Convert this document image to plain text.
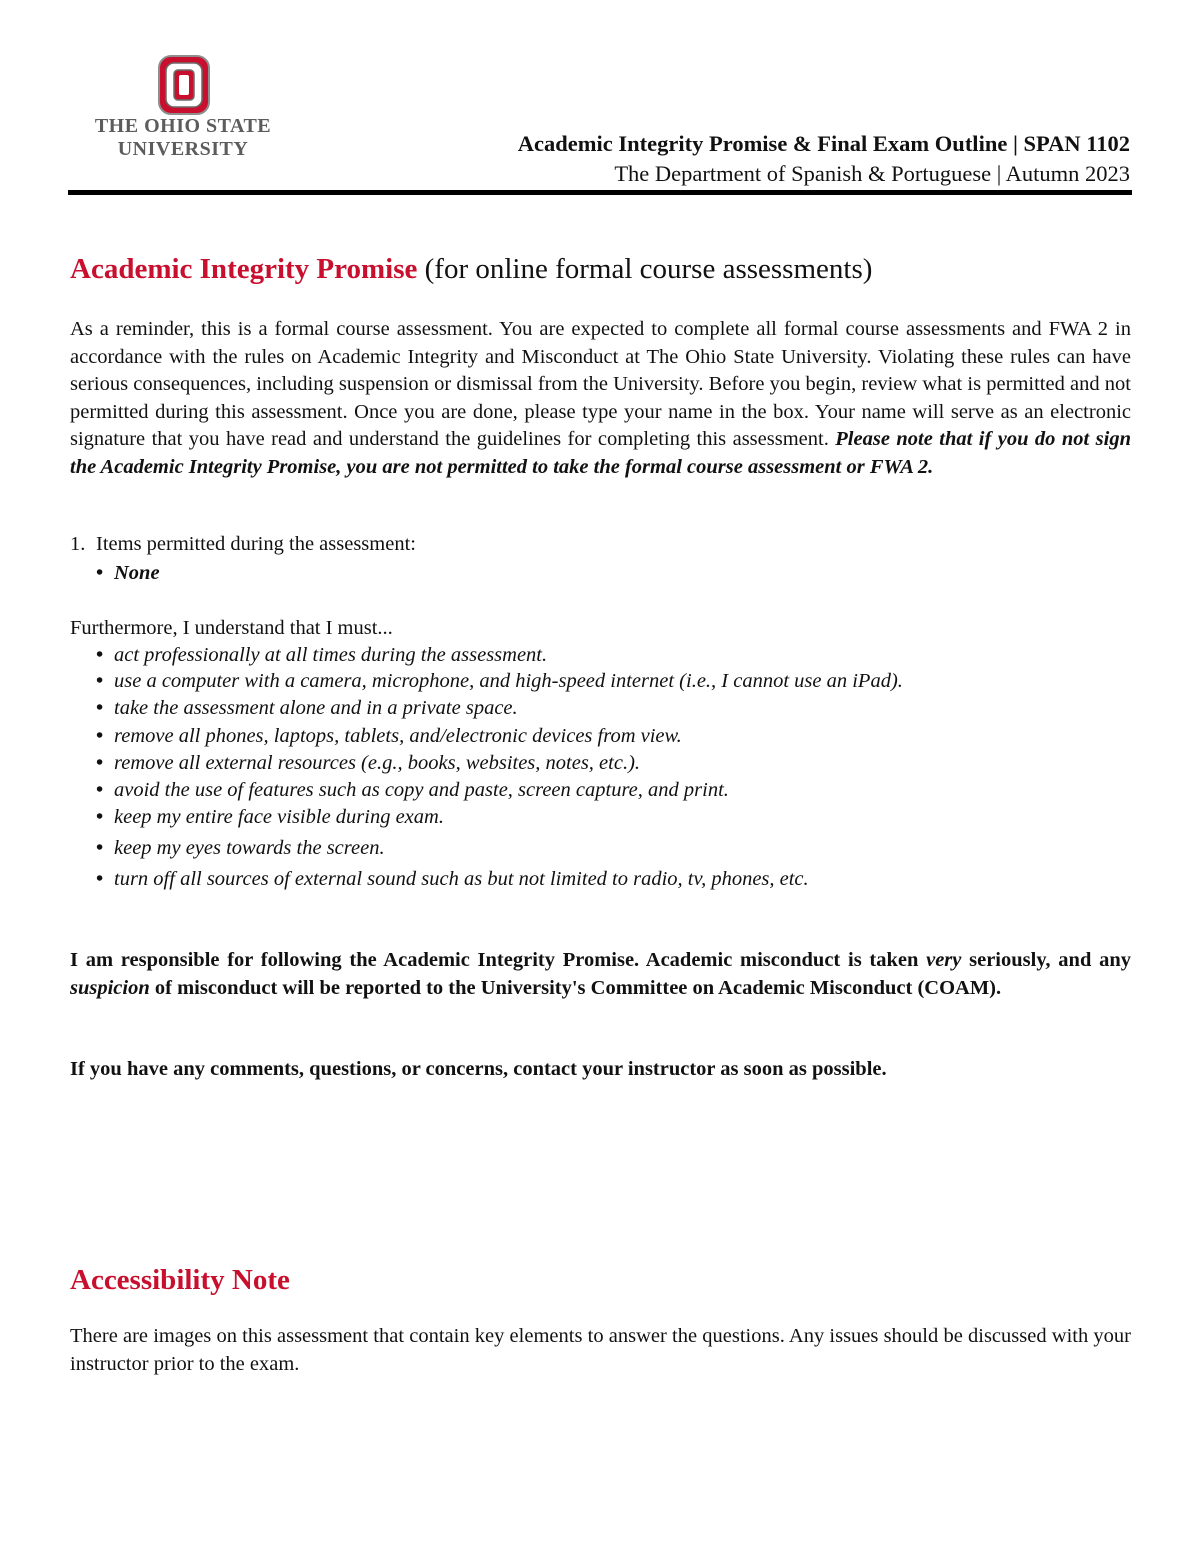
THE OHIO STATE
UNIVERSITY	Academic Integrity Promise & Final Exam Outline | SPAN 1102
The Department of Spanish & Portuguese | Autumn 2023
Academic Integrity Promise (for online formal course assessments)
As a reminder, this is a formal course assessment. You are expected to complete all formal course assessments and FWA 2 in accordance with the rules on Academic Integrity and Misconduct at The Ohio State University. Violating these rules can have serious consequences, including suspension or dismissal from the University. Before you begin, review what is permitted and not permitted during this assessment. Once you are done, please type your name in the box. Your name will serve as an electronic signature that you have read and understand the guidelines for completing this assessment. Please note that if you do not sign the Academic Integrity Promise, you are not permitted to take the formal course assessment or FWA 2.
1. Items permitted during the assessment:
• None
Furthermore, I understand that I must...
• act professionally at all times during the assessment.
• use a computer with a camera, microphone, and high-speed internet (i.e., I cannot use an iPad).
• take the assessment alone and in a private space.
• remove all phones, laptops, tablets, and/electronic devices from view.
• remove all external resources (e.g., books, websites, notes, etc.).
• avoid the use of features such as copy and paste, screen capture, and print.
• keep my entire face visible during exam.
• keep my eyes towards the screen.
• turn off all sources of external sound such as but not limited to radio, tv, phones, etc.
I am responsible for following the Academic Integrity Promise. Academic misconduct is taken very seriously, and any suspicion of misconduct will be reported to the University's Committee on Academic Misconduct (COAM).
If you have any comments, questions, or concerns, contact your instructor as soon as possible.
Accessibility Note
There are images on this assessment that contain key elements to answer the questions. Any issues should be discussed with your instructor prior to the exam.
